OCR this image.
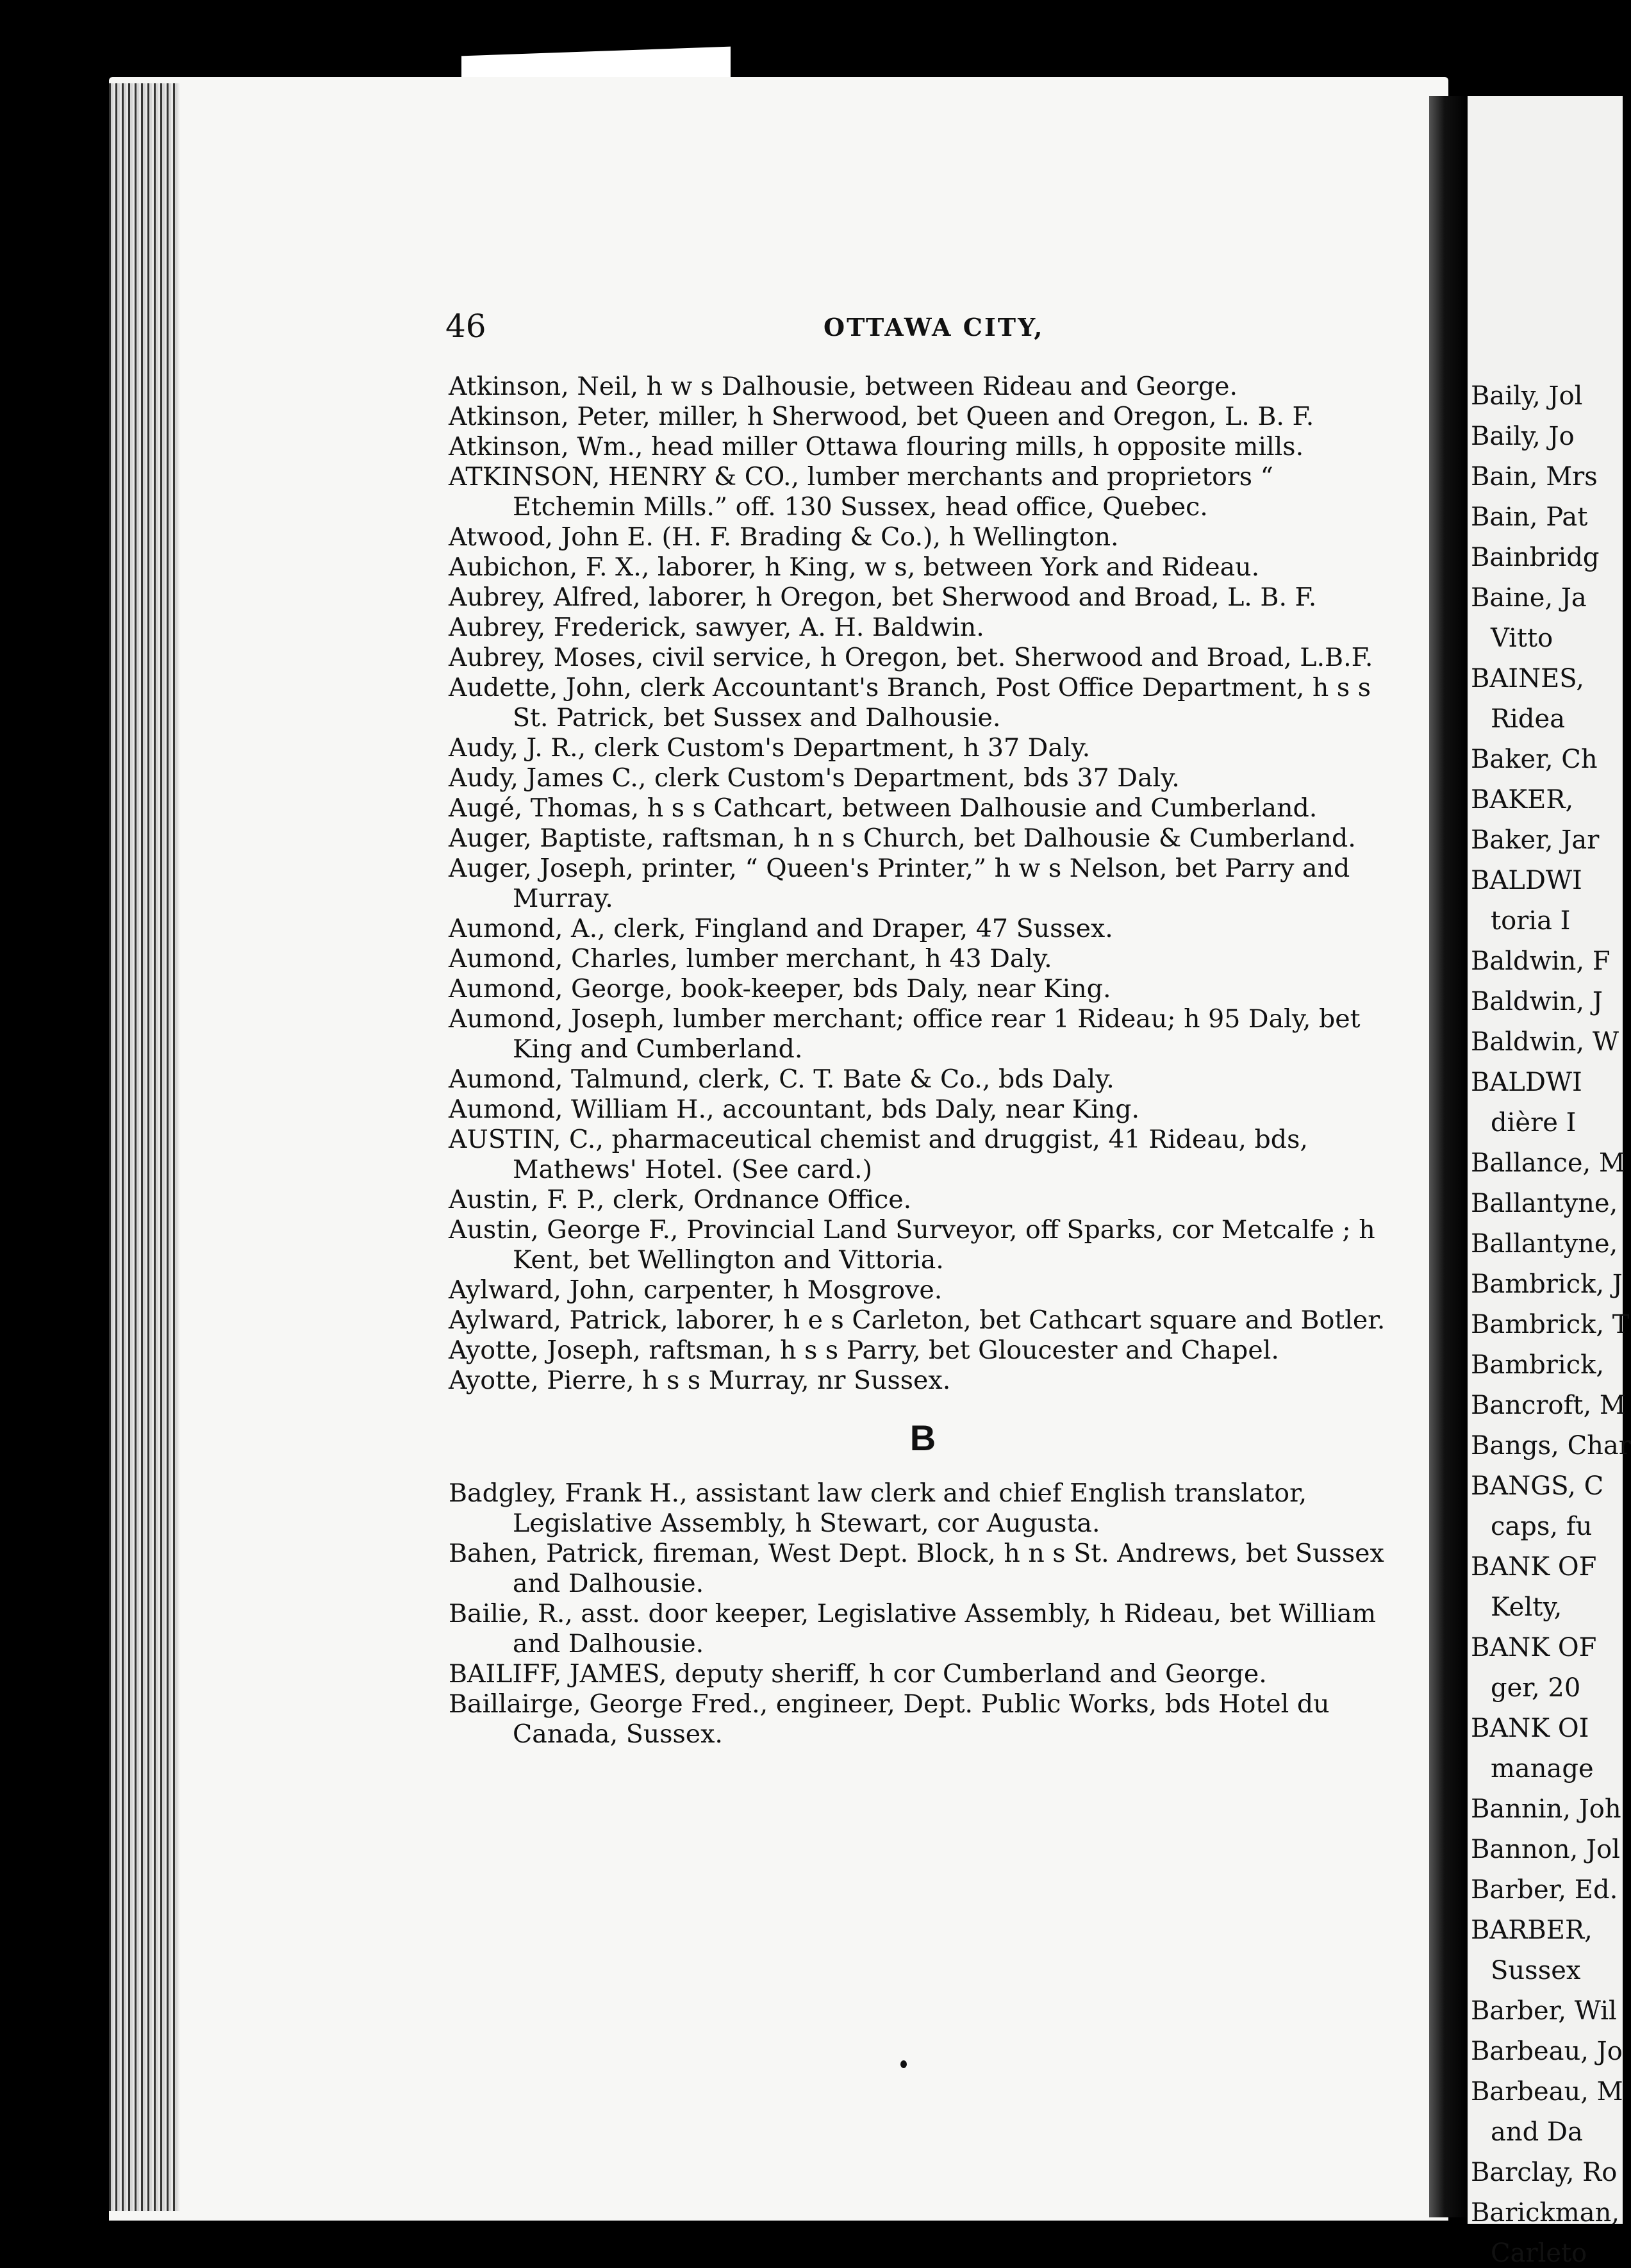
Baily, Jol
Baily, Jo
Bain, Mrs
Bain, Pat
Bainbridg
Baine, Ja
Vitto
BAINES,
Ridea
Baker, Ch
BAKER,
Baker, Jar
BALDWI
toria I
Baldwin, F
Baldwin, J
Baldwin, W
BALDWI
dière I
Ballance, M
Ballantyne,
Ballantyne,
Bambrick, J
Bambrick, T
Bambrick,
Bancroft, M
Bangs, Char
BANGS, C
caps, fu
BANK OF
Kelty,
BANK OF
ger, 20
BANK OI
manage
Bannin, Joh
Bannon, Jol
Barber, Ed.
BARBER,
Sussex
Barber, Wil
Barbeau, Jo
Barbeau, M
and Da
Barclay, Ro
Barickman,
Carleto
46	OTTAWA CITY,

Atkinson, Neil, h w s Dalhousie, between Rideau and George.

Atkinson, Peter, miller, h Sherwood, bet Queen and Oregon, L. B. F.

Atkinson, Wm., head miller Ottawa flouring mills, h opposite mills.

ATKINSON, HENRY & CO., lumber merchants and proprietors “ Etchemin Mills.” off. 130 Sussex, head office, Quebec.

Atwood, John E. (H. F. Brading & Co.), h Wellington.

Aubichon, F. X., laborer, h King, w s, between York and Rideau.

Aubrey, Alfred, laborer, h Oregon, bet Sherwood and Broad, L. B. F.

Aubrey, Frederick, sawyer, A. H. Baldwin.

Aubrey, Moses, civil service, h Oregon, bet. Sherwood and Broad, L.B.F.

Audette, John, clerk Accountant's Branch, Post Office Department, h s s St. Patrick, bet Sussex and Dalhousie.

Audy, J. R., clerk Custom's Department, h 37 Daly.

Audy, James C., clerk Custom's Department, bds 37 Daly.

Augé, Thomas, h s s Cathcart, between Dalhousie and Cumberland.

Auger, Baptiste, raftsman, h n s Church, bet Dalhousie & Cumberland.

Auger, Joseph, printer, “ Queen's Printer,” h w s Nelson, bet Parry and Murray.

Aumond, A., clerk, Fingland and Draper, 47 Sussex.

Aumond, Charles, lumber merchant, h 43 Daly.

Aumond, George, book-keeper, bds Daly, near King.

Aumond, Joseph, lumber merchant; office rear 1 Rideau; h 95 Daly, bet King and Cumberland.

Aumond, Talmund, clerk, C. T. Bate & Co., bds Daly.

Aumond, William H., accountant, bds Daly, near King.

AUSTIN, C., pharmaceutical chemist and druggist, 41 Rideau, bds, Mathews' Hotel. (See card.)

Austin, F. P., clerk, Ordnance Office.

Austin, George F., Provincial Land Surveyor, off Sparks, cor Metcalfe ; h Kent, bet Wellington and Vittoria.

Aylward, John, carpenter, h Mosgrove.

Aylward, Patrick, laborer, h e s Carleton, bet Cathcart square and Botler.

Ayotte, Joseph, raftsman, h s s Parry, bet Gloucester and Chapel.

Ayotte, Pierre, h s s Murray, nr Sussex.

B

Badgley, Frank H., assistant law clerk and chief English translator, Legislative Assembly, h Stewart, cor Augusta.

Bahen, Patrick, fireman, West Dept. Block, h n s St. Andrews, bet Sussex and Dalhousie.

Bailie, R., asst. door keeper, Legislative Assembly, h Rideau, bet William and Dalhousie.

BAILIFF, JAMES, deputy sheriff, h cor Cumberland and George.

Baillairge, George Fred., engineer, Dept. Public Works, bds Hotel du Canada, Sussex.
